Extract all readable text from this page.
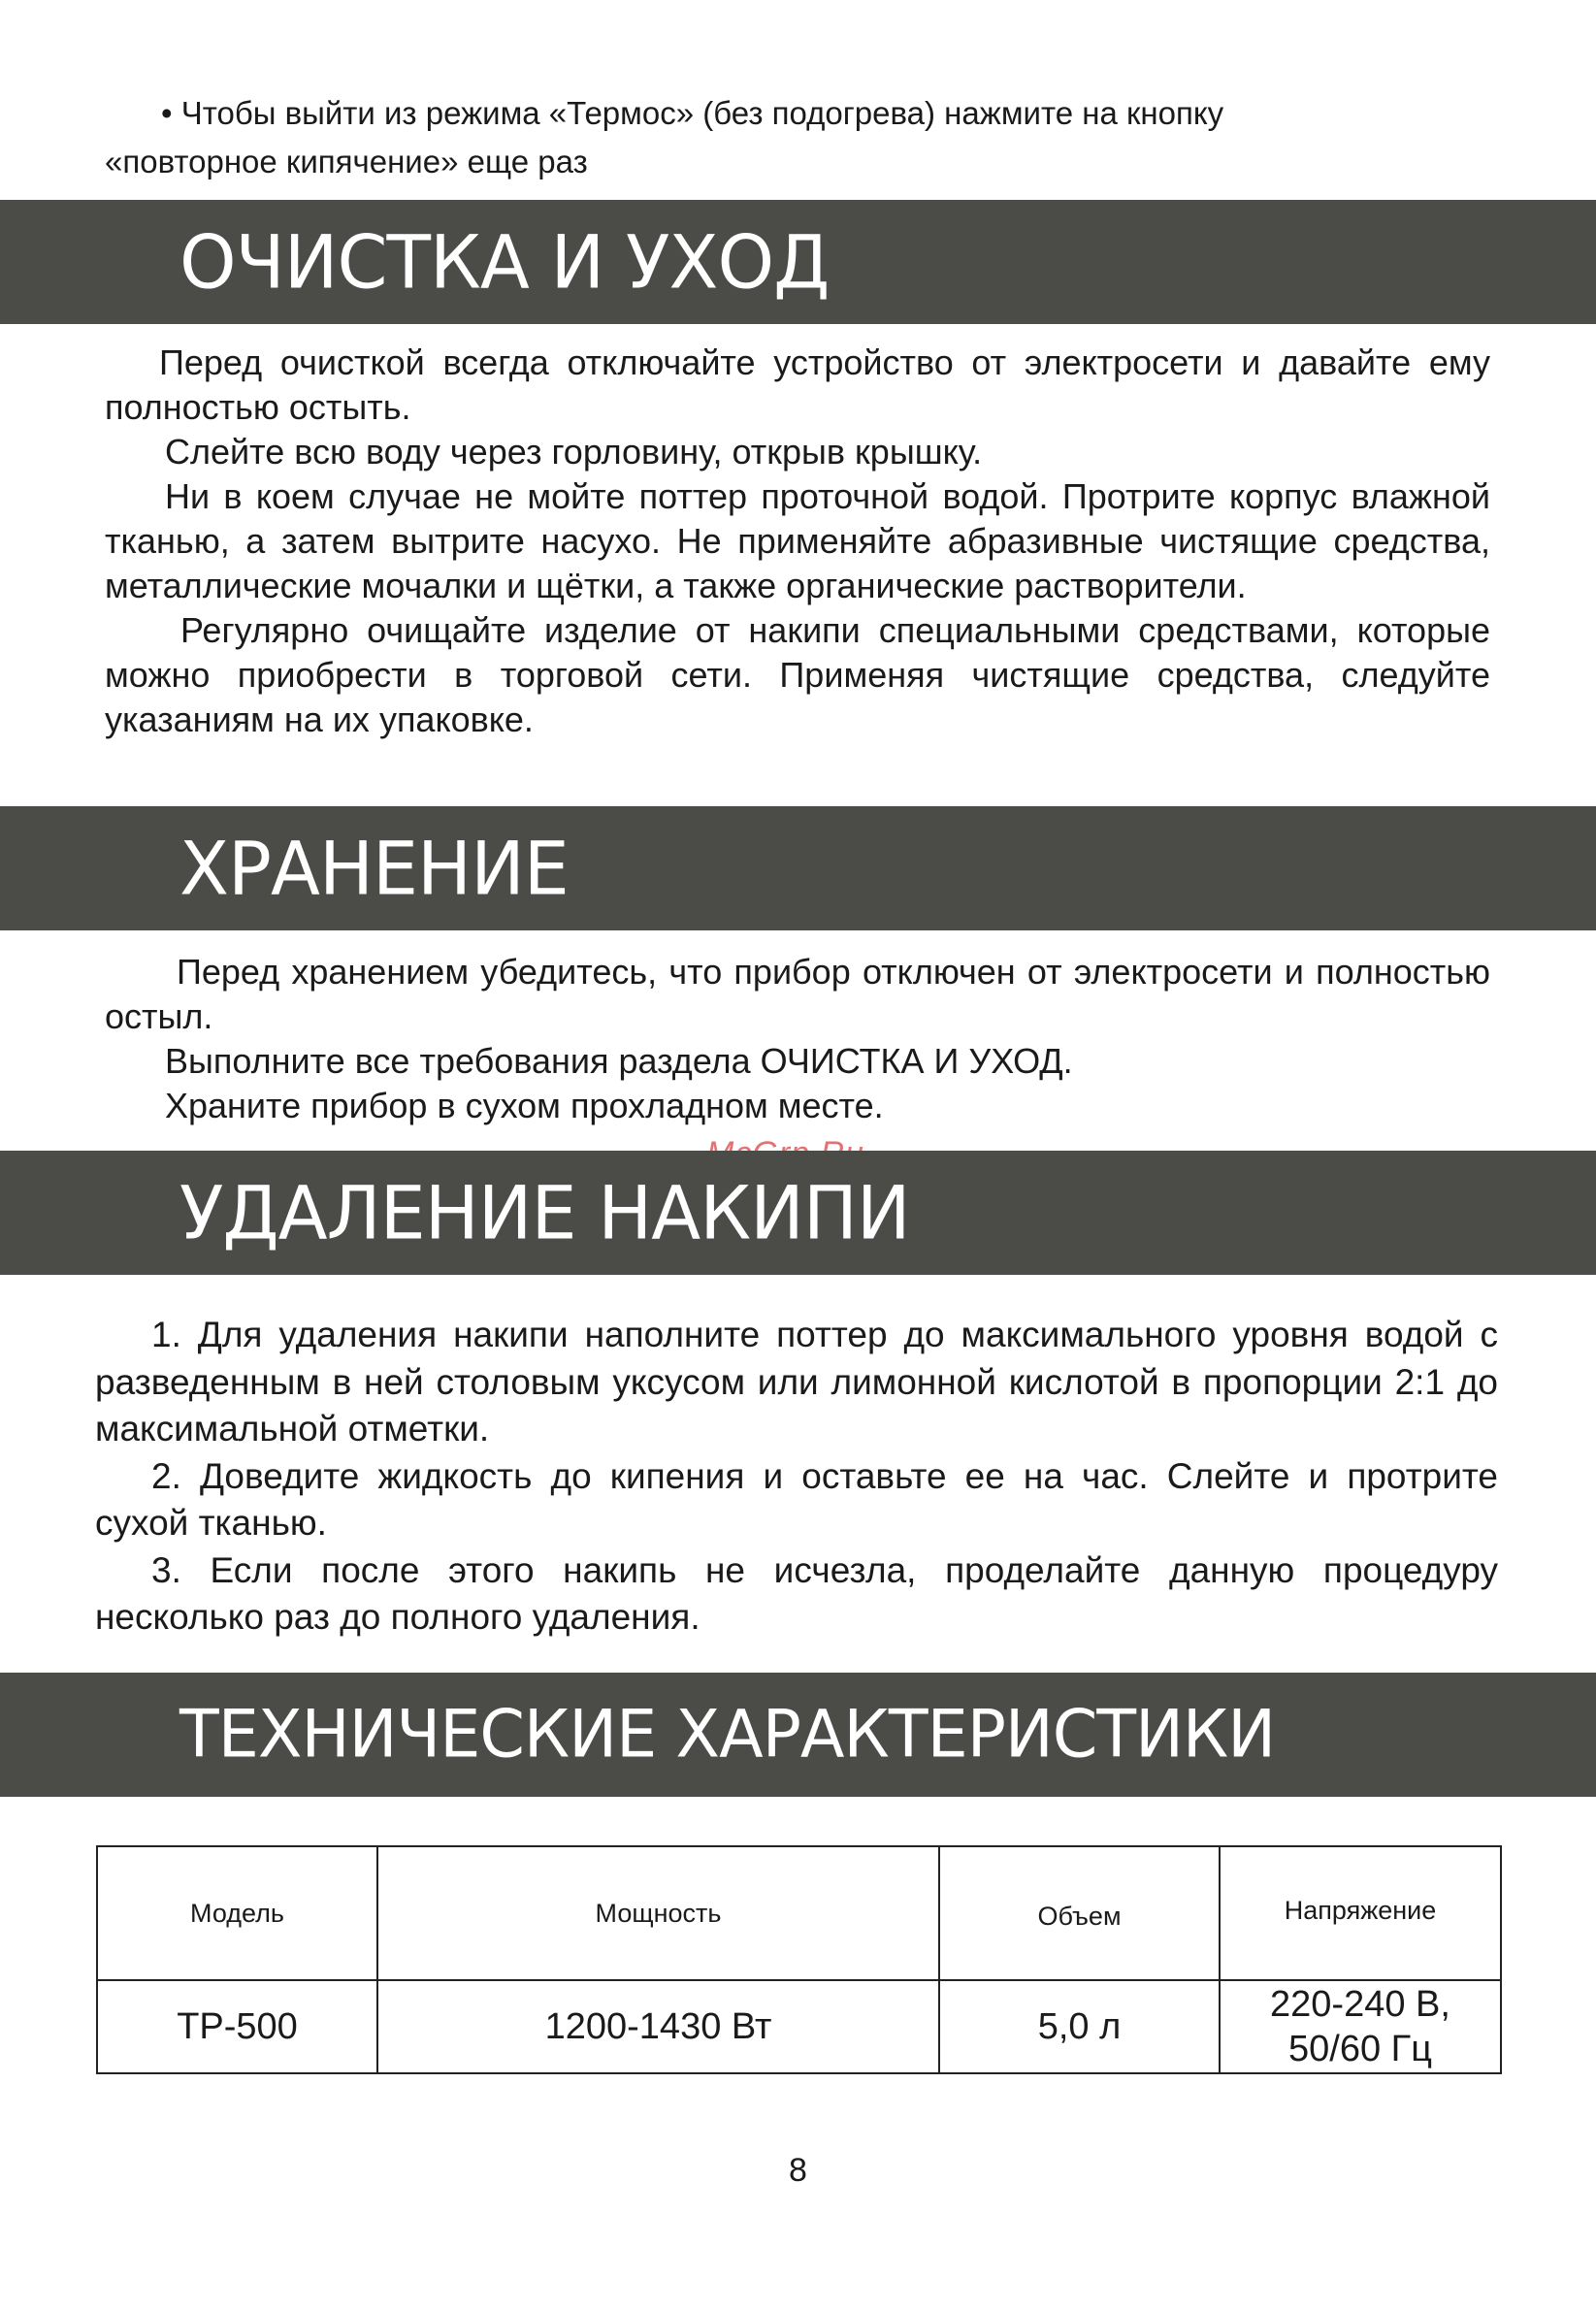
• Чтобы выйти из режима «Термос» (без подогрева) нажмите на кнопку
«повторное кипячение» еще раз
ОЧИСТКА И УХОД

Перед очисткой всегда отключайте устройство от электросети и давайте ему полностью остыть.

Слейте всю воду через горловину, открыв крышку.

Ни в коем случае не мойте поттер проточной водой. Протрите корпус влажной тканью, а затем вытрите насухо. Не применяйте абразивные чистящие средства, металлические мочалки и щётки, а также органические растворители.

Регулярно очищайте изделие от накипи специальными средствами, которые можно приобрести в торговой сети. Применяя чистящие средства, следуйте указаниям на их упаковке.

ХРАНЕНИЕ

Перед хранением убедитесь, что прибор отключен от электросети и полностью остыл.

Выполните все требования раздела ОЧИСТКА И УХОД.

Храните прибор в сухом прохладном месте.

УДАЛЕНИЕ НАКИПИ

1. Для удаления накипи наполните поттер до максимального уровня водой с разведенным в ней столовым уксусом или лимонной кислотой в пропорции 2:1 до максимальной отметки.

2. Доведите жидкость до кипения и оставьте ее на час. Слейте и протрите сухой тканью.

3. Если после этого накипь не исчезла, проделайте данную процедуру несколько раз до полного удаления.

ТЕХНИЧЕСКИЕ ХАРАКТЕРИСТИКИ
Модель	Мощность	Объем	Напряжение
TP-500	1200-1430 Вт	5,0 л	220-240 В,
50/60 Гц
8
